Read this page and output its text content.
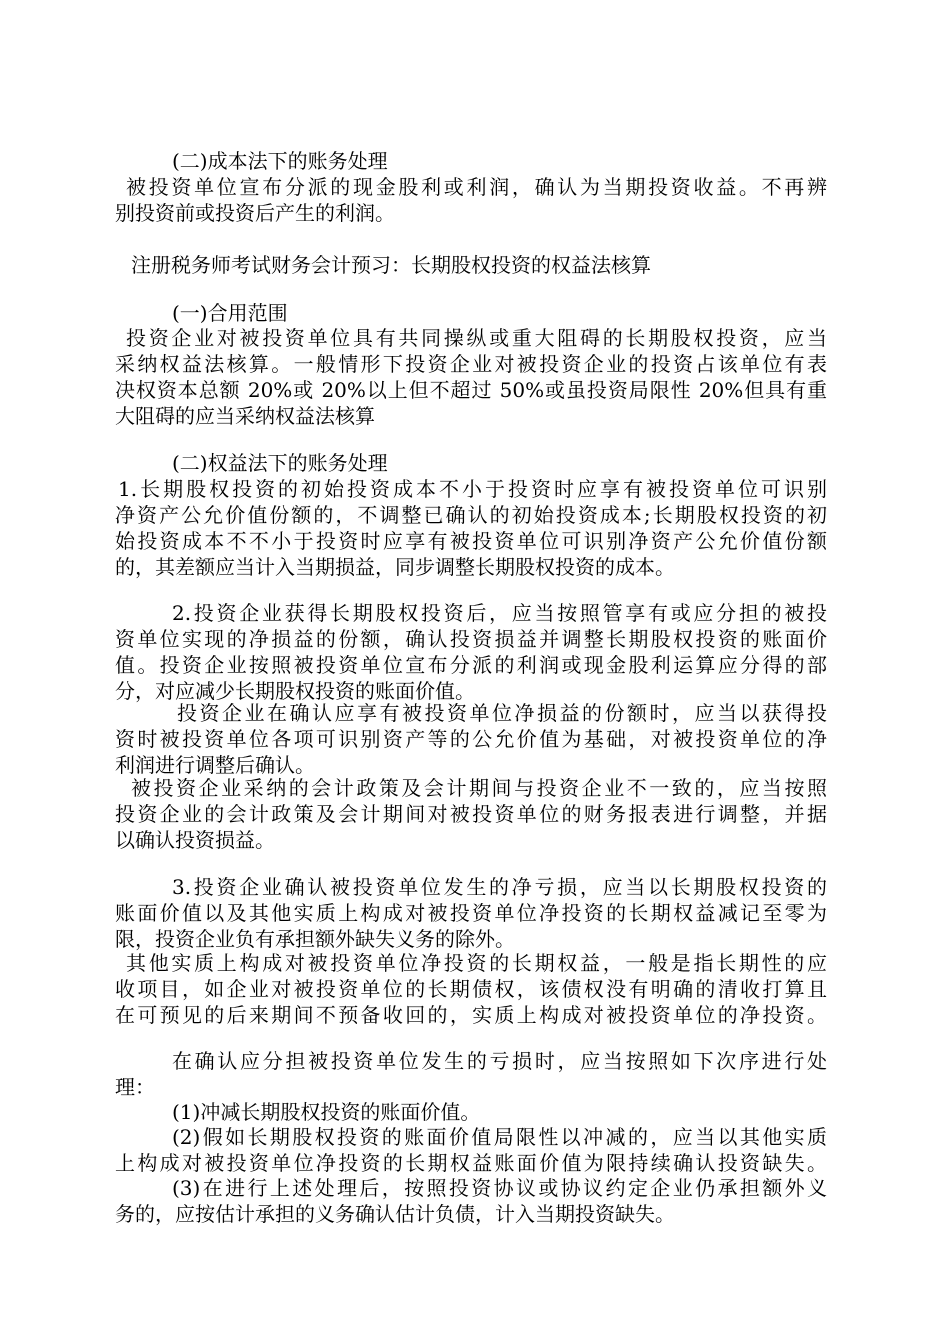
(二)成本法下的账务处理
被投资单位宣布分派的现金股利或利润，确认为当期投资收益。不再辨
别投资前或投资后产生的利润。
注册税务师考试财务会计预习：长期股权投资的权益法核算
(一)合用范围
投资企业对被投资单位具有共同操纵或重大阻碍的长期股权投资，应当
采纳权益法核算。一般情形下投资企业对被投资企业的投资占该单位有表
决权资本总额 20%或 20%以上但不超过 50%或虽投资局限性 20%但具有重
大阻碍的应当采纳权益法核算
(二)权益法下的账务处理
1.长期股权投资的初始投资成本不小于投资时应享有被投资单位可识别
净资产公允价值份额的，不调整已确认的初始投资成本;长期股权投资的初
始投资成本不不小于投资时应享有被投资单位可识别净资产公允价值份额
的，其差额应当计入当期损益，同步调整长期股权投资的成本。
2.投资企业获得长期股权投资后，应当按照管享有或应分担的被投
资单位实现的净损益的份额，确认投资损益并调整长期股权投资的账面价
值。投资企业按照被投资单位宣布分派的利润或现金股利运算应分得的部
分，对应减少长期股权投资的账面价值。
投资企业在确认应享有被投资单位净损益的份额时，应当以获得投
资时被投资单位各项可识别资产等的公允价值为基础，对被投资单位的净
利润进行调整后确认。
被投资企业采纳的会计政策及会计期间与投资企业不一致的，应当按照
投资企业的会计政策及会计期间对被投资单位的财务报表进行调整，并据
以确认投资损益。
3.投资企业确认被投资单位发生的净亏损，应当以长期股权投资的
账面价值以及其他实质上构成对被投资单位净投资的长期权益减记至零为
限，投资企业负有承担额外缺失义务的除外。
其他实质上构成对被投资单位净投资的长期权益，一般是指长期性的应
收项目，如企业对被投资单位的长期债权，该债权没有明确的清收打算且
在可预见的后来期间不预备收回的，实质上构成对被投资单位的净投资。
在确认应分担被投资单位发生的亏损时，应当按照如下次序进行处
理：
(1)冲减长期股权投资的账面价值。
(2)假如长期股权投资的账面价值局限性以冲减的，应当以其他实质
上构成对被投资单位净投资的长期权益账面价值为限持续确认投资缺失。
(3)在进行上述处理后，按照投资协议或协议约定企业仍承担额外义
务的，应按估计承担的义务确认估计负债，计入当期投资缺失。
